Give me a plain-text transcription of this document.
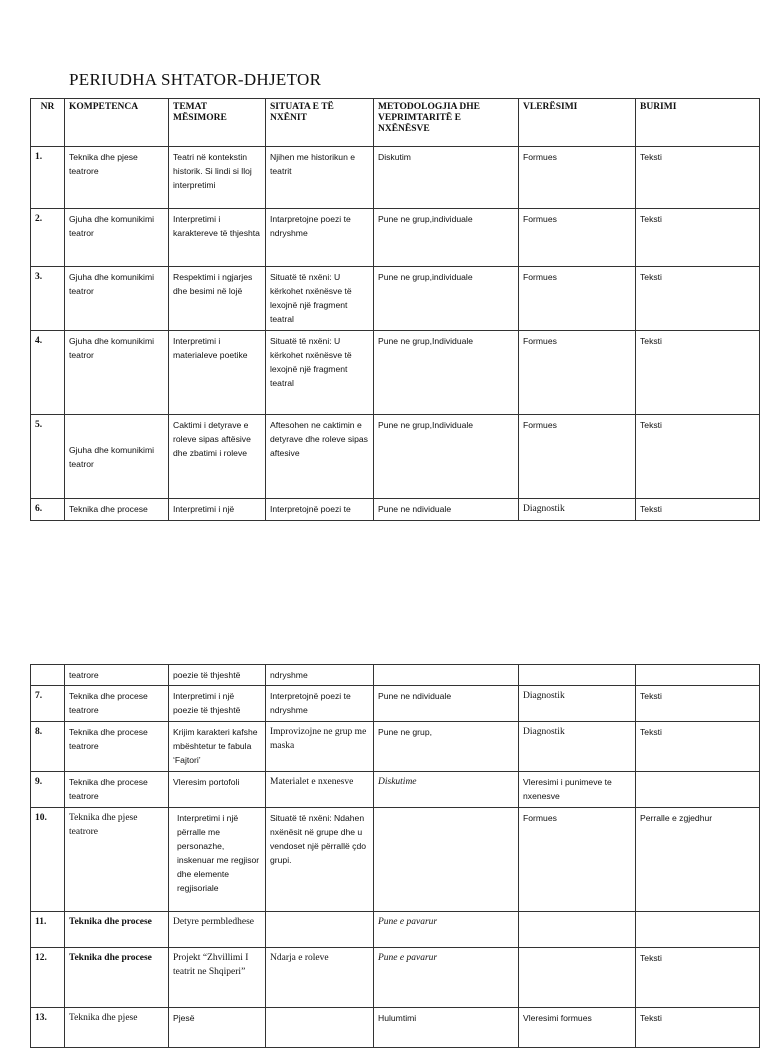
PERIUDHA SHTATOR-DHJETOR
NR	KOMPETENCA	TEMAT MËSIMORE	SITUATA E TË NXËNIT	METODOLOGJIA DHE VEPRIMTARITË E NXËNËSVE	VLERËSIMI	BURIMI
1.	Teknika dhe pjese teatrore	Teatri në kontekstin historik. Si lindi si lloj interpretimi	Njihen me historikun e teatrit	Diskutim	Formues	Teksti
2.	Gjuha dhe komunikimi teatror	Interpretimi i karaktereve të thjeshta	Intarpretojne poezi te ndryshme	Pune ne grup,individuale	Formues	Teksti
3.	Gjuha dhe komunikimi teatror	Respektimi i ngjarjes dhe besimi në lojë	Situatë të nxëni: U kërkohet nxënësve të lexojnë një fragment teatral	Pune ne grup,individuale	Formues	Teksti
4.	Gjuha dhe komunikimi teatror	Interpretimi i materialeve poetike	Situatë të nxëni: U kërkohet nxënësve të lexojnë një fragment teatral	Pune ne grup,Individuale	Formues	Teksti
5.	Gjuha dhe komunikimi teatror	Caktimi i detyrave e roleve sipas aftësive dhe zbatimi i roleve	Aftesohen ne caktimin e detyrave dhe roleve sipas aftesive	Pune ne grup,Individuale	Formues	Teksti
6.	Teknika dhe procese	Interpretimi i një	Interpretojnë poezi te	Pune ne ndividuale	Diagnostik	Teksti
	teatrore	poezie të thjeshtë	ndryshme			
7.	Teknika dhe procese teatrore	Interpretimi i një poezie të thjeshtë	Interpretojnë poezi te ndryshme	Pune ne ndividuale	Diagnostik	Teksti
8.	Teknika dhe procese teatrore	Krijim karakteri kafshe mbështetur te fabula ‘Fajtori’	Improvizojne ne grup me maska	Pune ne grup,	Diagnostik	Teksti
9.	Teknika dhe procese teatrore	Vleresim portofoli	Materialet e nxenesve	Diskutime	Vleresimi i punimeve te nxenesve	
10.	Teknika dhe pjese teatrore	Interpretimi i një përralle me personazhe, inskenuar me regjisor dhe elemente regjisoriale	Situatë të nxëni: Ndahen nxënësit në grupe dhe u vendoset një përrallë çdo grupi.		Formues	Perralle e zgjedhur
11.	Teknika dhe procese	Detyre permbledhese		Pune e pavarur		
12.	Teknika dhe procese	Projekt “Zhvillimi I teatrit ne Shqiperi”	Ndarja e roleve	Pune e pavarur		Teksti
13.	Teknika dhe pjese	Pjesë		Hulumtimi	Vleresimi formues	Teksti
